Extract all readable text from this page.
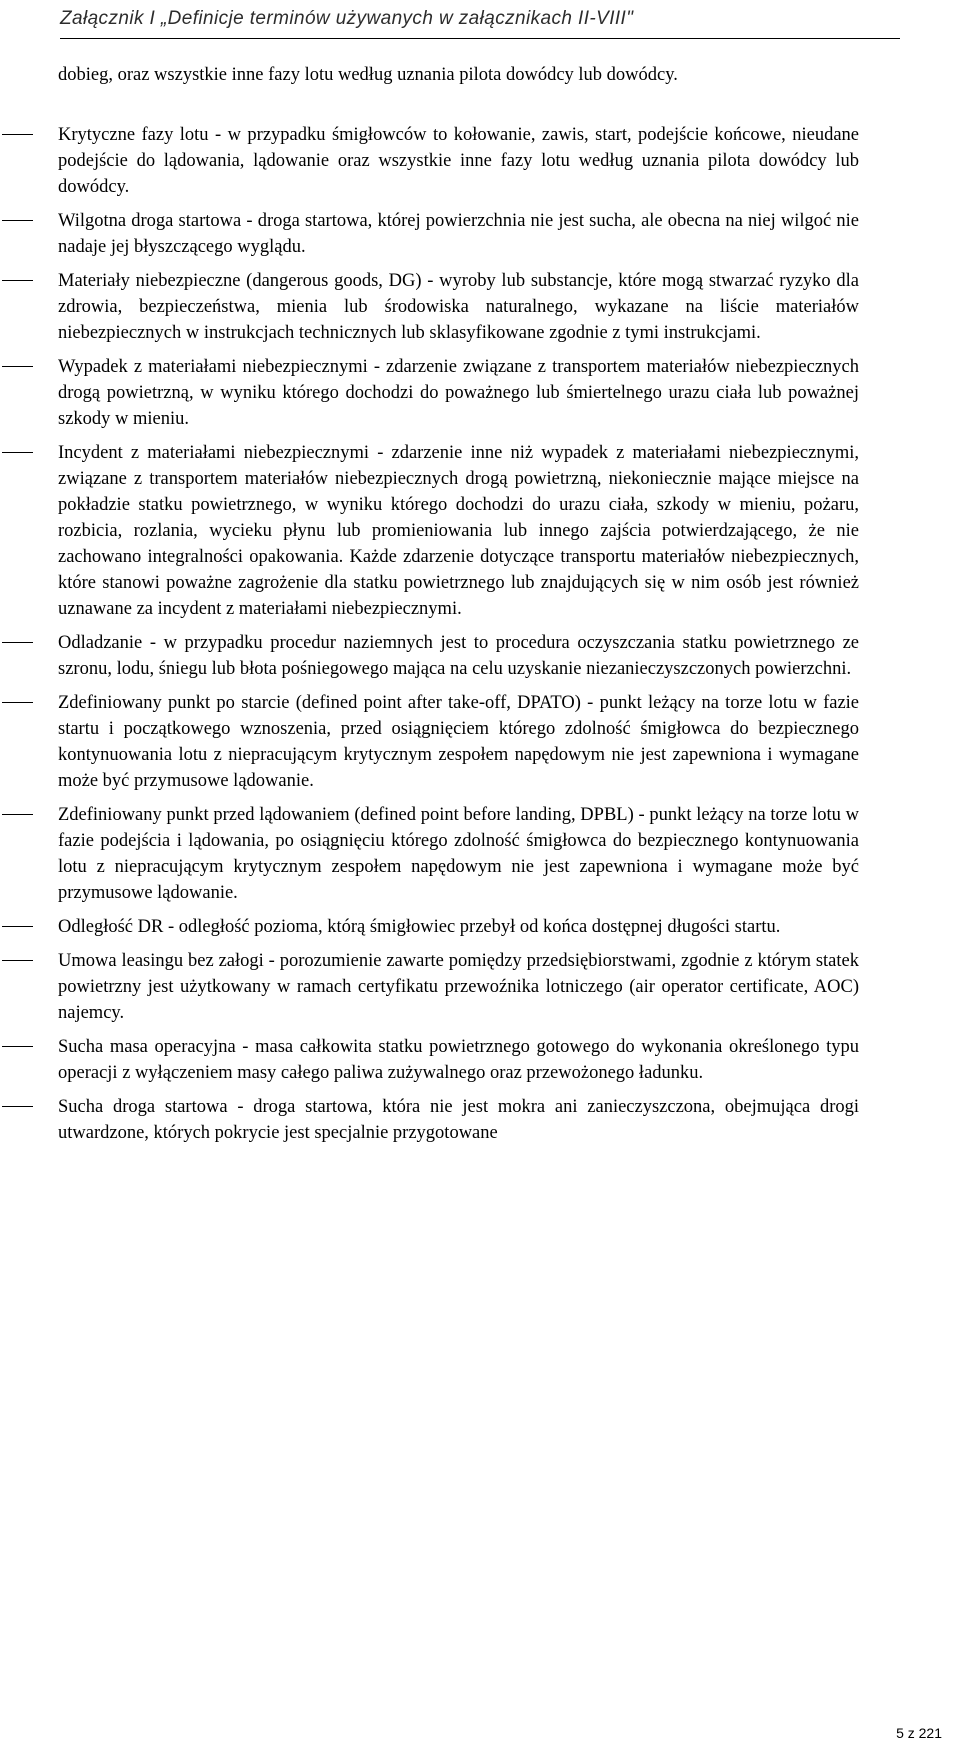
Załącznik I „Definicje terminów używanych w załącznikach II-VIII"

dobieg, oraz wszystkie inne fazy lotu według uznania pilota dowódcy lub dowódcy.

Krytyczne fazy lotu - w przypadku śmigłowców to kołowanie, zawis, start, podejście końcowe, nieudane podejście do lądowania, lądowanie oraz wszystkie inne fazy lotu według uznania pilota dowódcy lub dowódcy.
Wilgotna droga startowa - droga startowa, której powierzchnia nie jest sucha, ale obecna na niej wilgoć nie nadaje jej błyszczącego wyglądu.
Materiały niebezpieczne (dangerous goods, DG) - wyroby lub substancje, które mogą stwarzać ryzyko dla zdrowia, bezpieczeństwa, mienia lub środowiska naturalnego, wykazane na liście materiałów niebezpiecznych w instrukcjach technicznych lub sklasyfikowane zgodnie z tymi instrukcjami.
Wypadek z materiałami niebezpiecznymi - zdarzenie związane z transportem materiałów niebezpiecznych drogą powietrzną, w wyniku którego dochodzi do poważnego lub śmiertelnego urazu ciała lub poważnej szkody w mieniu.
Incydent z materiałami niebezpiecznymi - zdarzenie inne niż wypadek z materiałami niebezpiecznymi, związane z transportem materiałów niebezpiecznych drogą powietrzną, niekoniecznie mające miejsce na pokładzie statku powietrznego, w wyniku którego dochodzi do urazu ciała, szkody w mieniu, pożaru, rozbicia, rozlania, wycieku płynu lub promieniowania lub innego zajścia potwierdzającego, że nie zachowano integralności opakowania. Każde zdarzenie dotyczące transportu materiałów niebezpiecznych, które stanowi poważne zagrożenie dla statku powietrznego lub znajdujących się w nim osób jest również uznawane za incydent z materiałami niebezpiecznymi.
Odladzanie - w przypadku procedur naziemnych jest to procedura oczyszczania statku powietrznego ze szronu, lodu, śniegu lub błota pośniegowego mająca na celu uzyskanie niezanieczyszczonych powierzchni.
Zdefiniowany punkt po starcie (defined point after take-off, DPATO) - punkt leżący na torze lotu w fazie startu i początkowego wznoszenia, przed osiągnięciem którego zdolność śmigłowca do bezpiecznego kontynuowania lotu z niepracującym krytycznym zespołem napędowym nie jest zapewniona i wymagane może być przymusowe lądowanie.
Zdefiniowany punkt przed lądowaniem (defined point before landing, DPBL) - punkt leżący na torze lotu w fazie podejścia i lądowania, po osiągnięciu którego zdolność śmigłowca do bezpiecznego kontynuowania lotu z niepracującym krytycznym zespołem napędowym nie jest zapewniona i wymagane może być przymusowe lądowanie.
Odległość DR - odległość pozioma, którą śmigłowiec przebył od końca dostępnej długości startu.
Umowa leasingu bez załogi - porozumienie zawarte pomiędzy przedsiębiorstwami, zgodnie z którym statek powietrzny jest użytkowany w ramach certyfikatu przewoźnika lotniczego (air operator certificate, AOC) najemcy.
Sucha masa operacyjna - masa całkowita statku powietrznego gotowego do wykonania określonego typu operacji z wyłączeniem masy całego paliwa zużywalnego oraz przewożonego ładunku.
Sucha droga startowa - droga startowa, która nie jest mokra ani zanieczyszczona, obejmująca drogi utwardzone, których pokrycie jest specjalnie przygotowane
5 z 221
